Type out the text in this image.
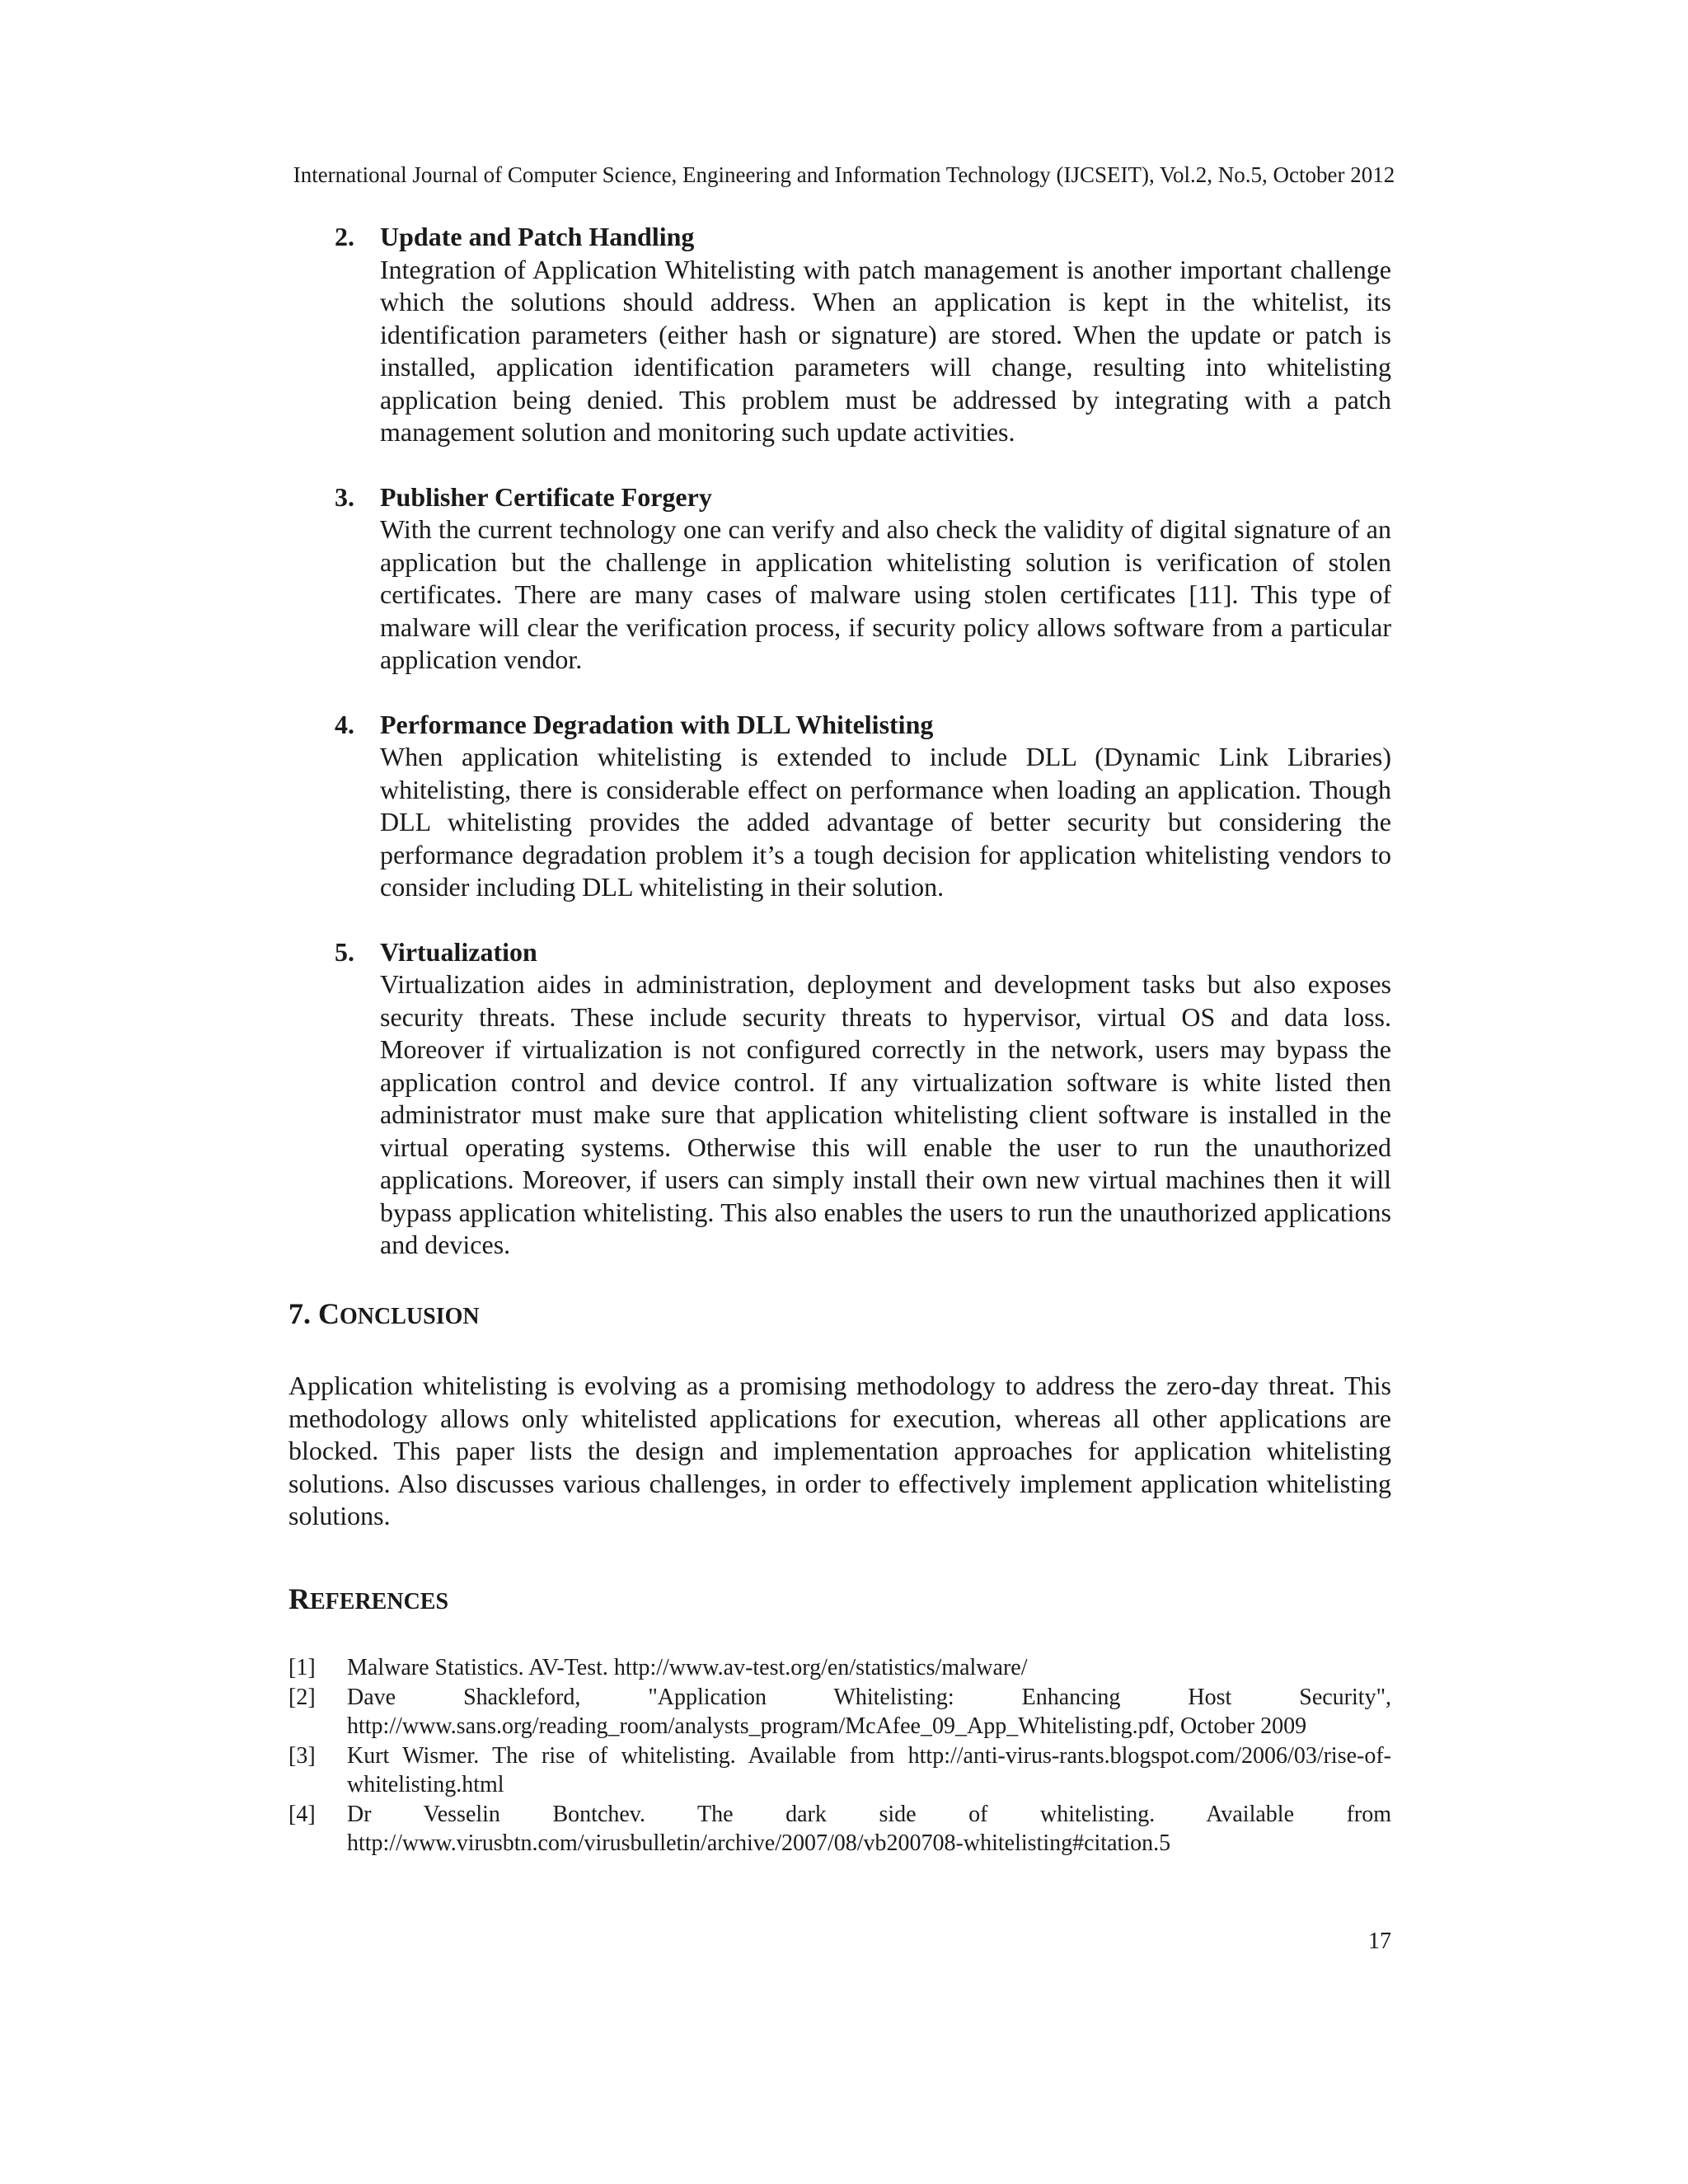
International Journal of Computer Science, Engineering and Information Technology (IJCSEIT), Vol.2, No.5, October 2012
2. Update and Patch Handling
Integration of Application Whitelisting with patch management is another important challenge which the solutions should address. When an application is kept in the whitelist, its identification parameters (either hash or signature) are stored. When the update or patch is installed, application identification parameters will change, resulting into whitelisting application being denied. This problem must be addressed by integrating with a patch management solution and monitoring such update activities.
3. Publisher Certificate Forgery
With the current technology one can verify and also check the validity of digital signature of an application but the challenge in application whitelisting solution is verification of stolen certificates. There are many cases of malware using stolen certificates [11]. This type of malware will clear the verification process, if security policy allows software from a particular application vendor.
4. Performance Degradation with DLL Whitelisting
When application whitelisting is extended to include DLL (Dynamic Link Libraries) whitelisting, there is considerable effect on performance when loading an application. Though DLL whitelisting provides the added advantage of better security but considering the performance degradation problem it’s a tough decision for application whitelisting vendors to consider including DLL whitelisting in their solution.
5. Virtualization
Virtualization aides in administration, deployment and development tasks but also exposes security threats. These include security threats to hypervisor, virtual OS and data loss. Moreover if virtualization is not configured correctly in the network, users may bypass the application control and device control. If any virtualization software is white listed then administrator must make sure that application whitelisting client software is installed in the virtual operating systems. Otherwise this will enable the user to run the unauthorized applications. Moreover, if users can simply install their own new virtual machines then it will bypass application whitelisting. This also enables the users to run the unauthorized applications and devices.
7. CONCLUSION
Application whitelisting is evolving as a promising methodology to address the zero-day threat. This methodology allows only whitelisted applications for execution, whereas all other applications are blocked. This paper lists the design and implementation approaches for application whitelisting solutions. Also discusses various challenges, in order to effectively implement application whitelisting solutions.
REFERENCES
[1] Malware Statistics. AV-Test. http://www.av-test.org/en/statistics/malware/
[2] Dave Shackleford, "Application Whitelisting: Enhancing Host Security", http://www.sans.org/reading_room/analysts_program/McAfee_09_App_Whitelisting.pdf, October 2009
[3] Kurt Wismer. The rise of whitelisting. Available from http://anti-virus-rants.blogspot.com/2006/03/rise-of-whitelisting.html
[4] Dr Vesselin Bontchev. The dark side of whitelisting. Available from http://www.virusbtn.com/virusbulletin/archive/2007/08/vb200708-whitelisting#citation.5
17
